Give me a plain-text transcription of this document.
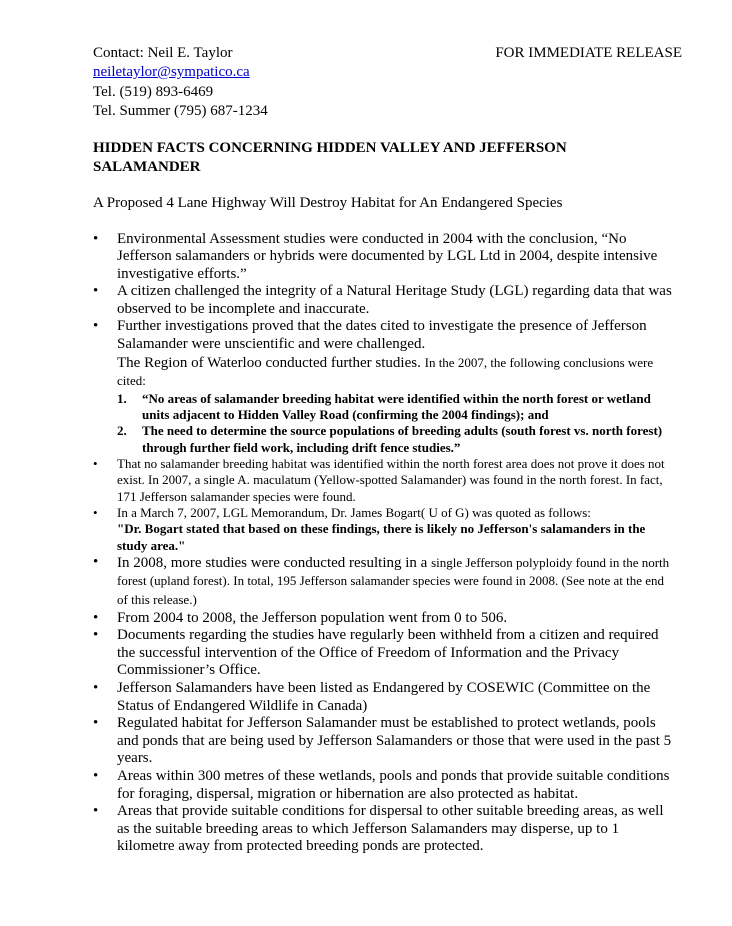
Contact: Neil E. Taylor	FOR IMMEDIATE RELEASE
neiletaylor@sympatico.ca
Tel. (519) 893-6469
Tel. Summer (795) 687-1234
HIDDEN FACTS CONCERNING HIDDEN VALLEY AND JEFFERSON SALAMANDER
A Proposed 4 Lane Highway Will Destroy Habitat for An Endangered Species
• Environmental Assessment studies were conducted in 2004 with the conclusion, “No Jefferson salamanders or hybrids were documented by LGL Ltd in 2004, despite intensive investigative efforts.”
• A citizen challenged the integrity of a Natural Heritage Study (LGL) regarding data that was observed to be incomplete and inaccurate.
• Further investigations proved that the dates cited to investigate the presence of Jefferson Salamander were unscientific and were challenged.
The Region of Waterloo conducted further studies. In the 2007, the following conclusions were cited:
1. “No areas of salamander breeding habitat were identified within the north forest or wetland units adjacent to Hidden Valley Road (confirming the 2004 findings); and
2. The need to determine the source populations of breeding adults (south forest vs. north forest) through further field work, including drift fence studies.”
• That no salamander breeding habitat was identified within the north forest area does not prove it does not exist. In 2007, a single A. maculatum (Yellow-spotted Salamander) was found in the north forest. In fact, 171 Jefferson salamander species were found.
• In a March 7, 2007, LGL Memorandum, Dr. James Bogart( U of G) was quoted as follows:
"Dr. Bogart stated that based on these findings, there is likely no Jefferson's salamanders in the study area."
• In 2008, more studies were conducted resulting in a single Jefferson polyploidy found in the north forest (upland forest). In total, 195 Jefferson salamander species were found in 2008. (See note at the end of this release.)
• From 2004 to 2008, the Jefferson population went from 0 to 506.
• Documents regarding the studies have regularly been withheld from a citizen and required the successful intervention of the Office of Freedom of Information and the Privacy Commissioner’s Office.
• Jefferson Salamanders have been listed as Endangered by COSEWIC (Committee on the Status of Endangered Wildlife in Canada)
• Regulated habitat for Jefferson Salamander must be established to protect wetlands, pools and ponds that are being used by Jefferson Salamanders or those that were used in the past 5 years.
• Areas within 300 metres of these wetlands, pools and ponds that provide suitable conditions for foraging, dispersal, migration or hibernation are also protected as habitat.
• Areas that provide suitable conditions for dispersal to other suitable breeding areas, as well as the suitable breeding areas to which Jefferson Salamanders may disperse, up to 1 kilometre away from protected breeding ponds are protected.
